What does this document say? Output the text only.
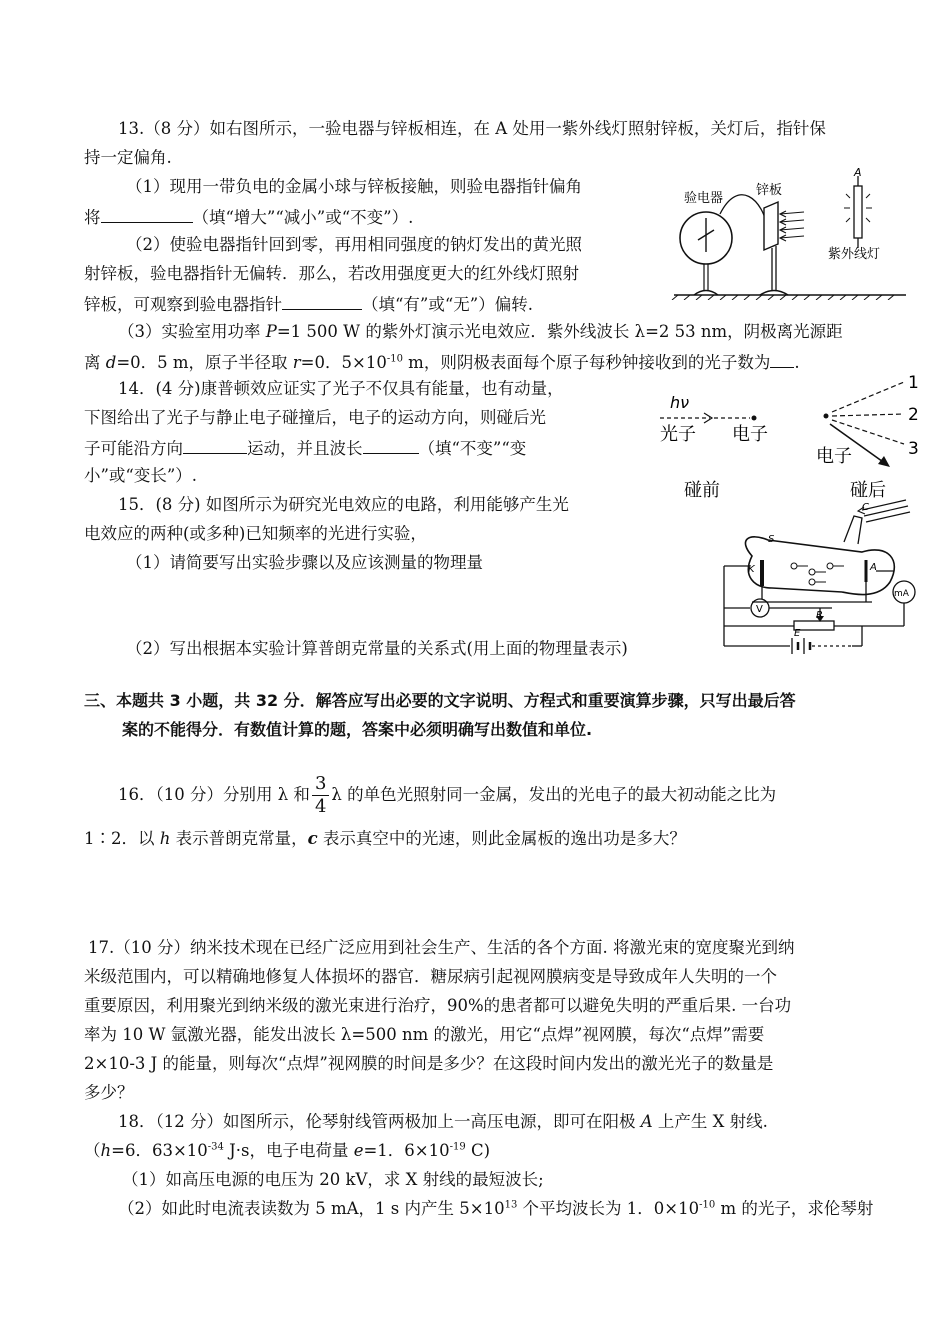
13.（8 分）如右图所示，一验电器与锌板相连，在 A 处用一紫外线灯照射锌板，关灯后，指针保
持一定偏角.
（1）现用一带负电的金属小球与锌板接触，则验电器指针偏角
将	（填“增大”“减小”或“不变”）.
（2）使验电器指针回到零，再用相同强度的钠灯发出的黄光照
射锌板，验电器指针无偏转．那么，若改用强度更大的红外线灯照射
锌板，可观察到验电器指针	（填“有”或“无”）偏转.
（3）实验室用功率 P=1 500 W 的紫外灯演示光电效应．紫外线波长 λ=2 53 nm，阴极离光源距
离 d=0．5 m，原子半径取 r=0．$5\times 10^{-10}$ m，则阴极表面每个原子每秒钟接收到的光子数为 .
验电器
锌板
A
紫外线灯
14．(4 分)康普顿效应证实了光子不仅具有能量，也有动量，
下图给出了光子与静止电子碰撞后，电子的运动方向，则碰后光
子可能沿方向	运动，并且波长	（填“不变”“变
小”或“变长”）.
hν
光子 电子
碰前
1
2
3
电子
碰后
15．(8 分) 如图所示为研究光电效应的电路，利用能够产生光
电效应的两种(或多种)已知频率的光进行实验，
（1）请简要写出实验步骤以及应该测量的物理量
（2）写出根据本实验计算普朗克常量的关系式(用上面的物理量表示)
S
C
K	A
mA
V
R
E
三、本题共 3 小题，共 32 分．解答应写出必要的文字说明、方程式和重要演算步骤，只写出最后答
案的不能得分．有数值计算的题，答案中必须明确写出数值和单位.
16．（10 分）分别用 λ 和 $\frac{3}{4}$ λ 的单色光照射同一金属，发出的光电子的最大初动能之比为
1∶2．以 h 表示普朗克常量，c 表示真空中的光速，则此金属板的逸出功是多大？
17.（10 分）纳米技术现在已经广泛应用到社会生产、生活的各个方面. 将激光束的宽度聚光到纳
米级范围内，可以精确地修复人体损坏的器官．糖尿病引起视网膜病变是导致成年人失明的一个
重要原因，利用聚光到纳米级的激光束进行治疗，90%的患者都可以避免失明的严重后果. 一台功
率为 10 W 氩激光器，能发出波长 λ=500 nm 的激光，用它“点焊”视网膜，每次“点焊”需要
2×10-3 J 的能量，则每次“点焊”视网膜的时间是多少？在这段时间内发出的激光光子的数量是
多少？
18．（12 分）如图所示，伦琴射线管两极加上一高压电源，即可在阳极 A 上产生 X 射线.
（h=6．$63\times 10^{-34}$ J·s，电子电荷量 e=1．$6\times 10^{-19}$ C)
（1）如高压电源的电压为 20 kV，求 X 射线的最短波长;
（2）如此时电流表读数为 5 mA，1 s 内产生 $5\times 10^{13}$ 个平均波长为 1．$0\times 10^{-10}$ m 的光子，求伦琴射
